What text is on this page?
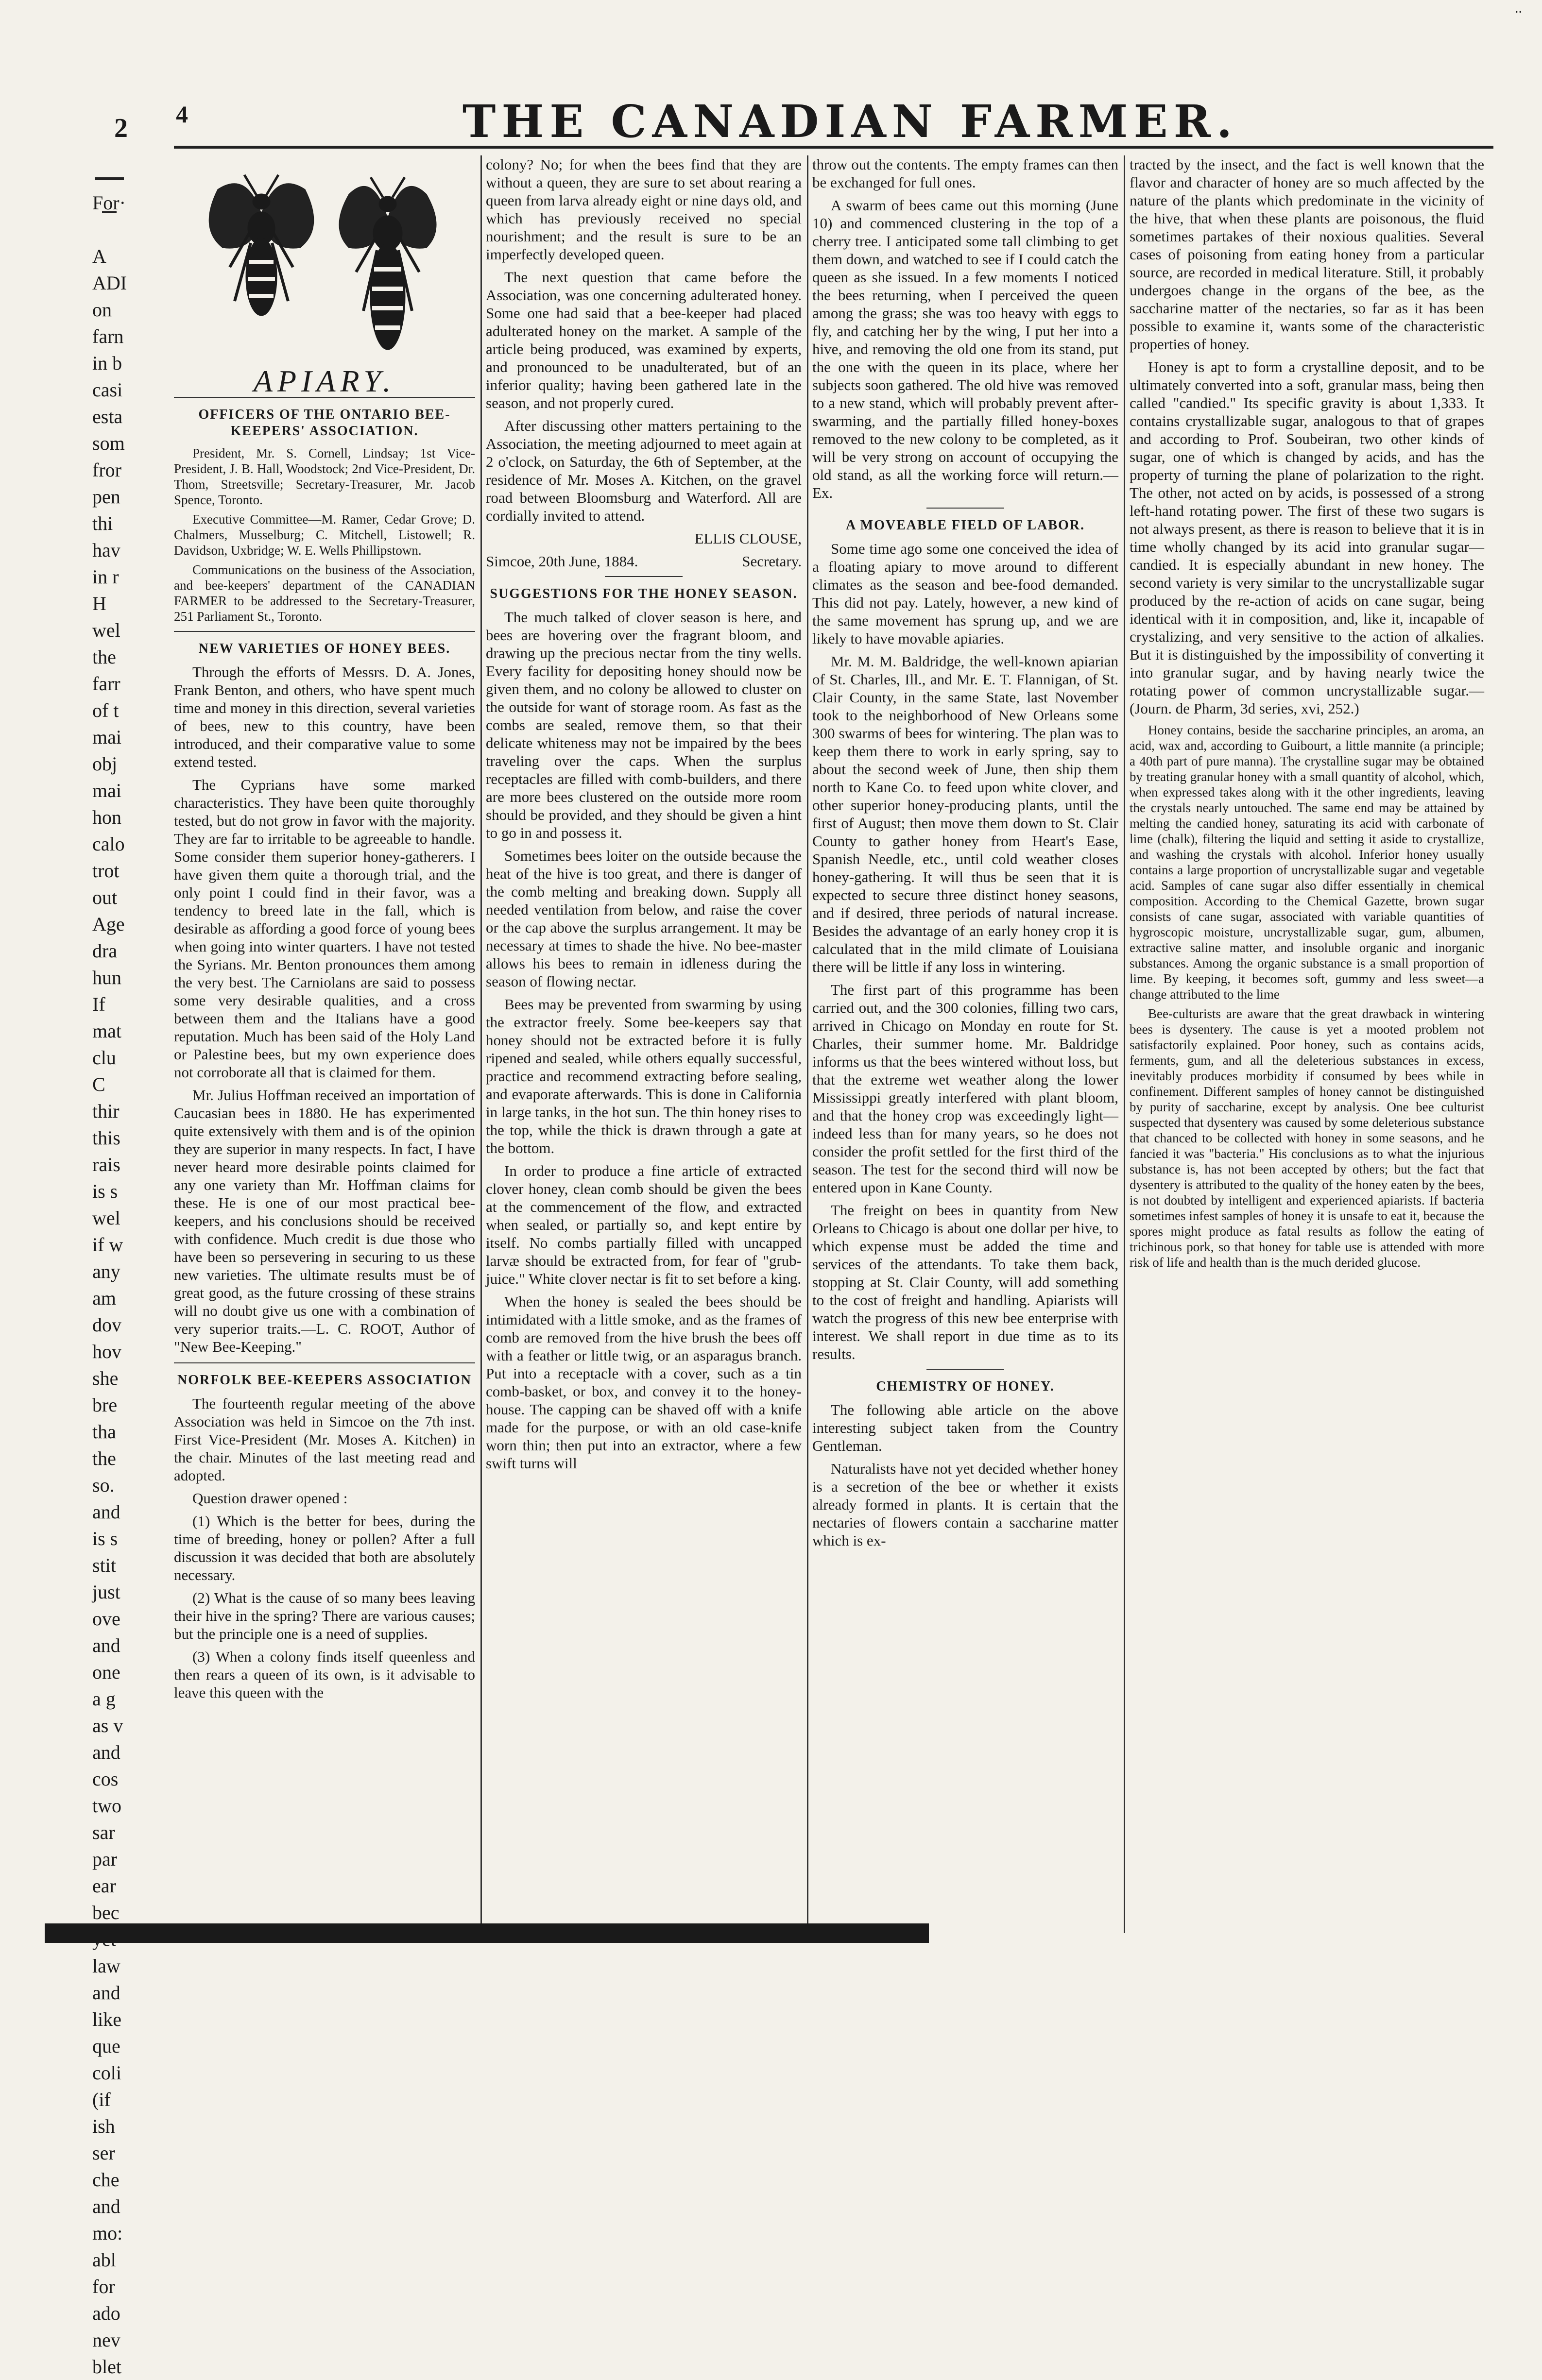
..
2 4	THE CANADIAN FARMER.
For·
A
ADI
on
farn
in b
casi
esta
som
fror
pen
thi
hav
in r
H
wel
the
farr
of t
mai
obj
mai
hon
calo
trot
out
Age
dra
hun
If
mat
clu
C
thir
this
rais
is s
wel
if w
any
am
dov
hov
she
bre
tha
the
so.
and
is s
stit
just
ove
and
one
a g
as v
and
cos
two
sar
par
ear
bec
law
and
like
que
coli
(if
ish
ser
che
and
mo:
abl
for
ado
nev
blet
APIARY.
OFFICERS OF THE ONTARIO BEE-KEEPERS' ASSOCIATION.

President, Mr. S. Cornell, Lindsay; 1st Vice-President, J. B. Hall, Woodstock; 2nd Vice-President, Dr. Thom, Streetsville; Secretary-Treasurer, Mr. Jacob Spence, Toronto.

Executive Committee—M. Ramer, Cedar Grove; D. Chalmers, Musselburg; C. Mitchell, Listowell; R. Davidson, Uxbridge; W. E. Wells Phillipstown.

Communications on the business of the Association, and bee-keepers' department of the CANADIAN FARMER to be addressed to the Secretary-Treasurer, 251 Parliament St., Toronto.

NEW VARIETIES OF HONEY BEES.

Through the efforts of Messrs. D. A. Jones, Frank Benton, and others, who have spent much time and money in this direction, several varieties of bees, new to this country, have been introduced, and their comparative value to some extend tested.

The Cyprians have some marked characteristics. They have been quite thoroughly tested, but do not grow in favor with the majority. They are far to irritable to be agreeable to handle. Some consider them superior honey-gatherers. I have given them quite a thorough trial, and the only point I could find in their favor, was a tendency to breed late in the fall, which is desirable as affording a good force of young bees when going into winter quarters. I have not tested the Syrians. Mr. Benton pronounces them among the very best. The Carniolans are said to possess some very desirable qualities, and a cross between them and the Italians have a good reputation. Much has been said of the Holy Land or Palestine bees, but my own experience does not corroborate all that is claimed for them.

Mr. Julius Hoffman received an importation of Caucasian bees in 1880. He has experimented quite extensively with them and is of the opinion they are superior in many respects. In fact, I have never heard more desirable points claimed for any one variety than Mr. Hoffman claims for these. He is one of our most practical bee-keepers, and his conclusions should be received with confidence. Much credit is due those who have been so persevering in securing to us these new varieties. The ultimate results must be of great good, as the future crossing of these strains will no doubt give us one with a combination of very superior traits.—L. C. ROOT, Author of "New Bee-Keeping."

NORFOLK BEE-KEEPERS ASSOCIATION

The fourteenth regular meeting of the above Association was held in Simcoe on the 7th inst. First Vice-President (Mr. Moses A. Kitchen) in the chair. Minutes of the last meeting read and adopted.

Question drawer opened :

(1) Which is the better for bees, during the time of breeding, honey or pollen? After a full discussion it was decided that both are absolutely necessary.

(2) What is the cause of so many bees leaving their hive in the spring? There are various causes; but the principle one is a need of supplies.

(3) When a colony finds itself queenless and then rears a queen of its own, is it advisable to leave this queen with the

colony? No; for when the bees find that they are without a queen, they are sure to set about rearing a queen from larva already eight or nine days old, and which has previously received no special nourishment; and the result is sure to be an imperfectly developed queen.

The next question that came before the Association, was one concerning adulterated honey. Some one had said that a bee-keeper had placed adulterated honey on the market. A sample of the article being produced, was examined by experts, and pronounced to be unadulterated, but of an inferior quality; having been gathered late in the season, and not properly cured.

After discussing other matters pertaining to the Association, the meeting adjourned to meet again at 2 o'clock, on Saturday, the 6th of September, at the residence of Mr. Moses A. Kitchen, on the gravel road between Bloomsburg and Waterford. All are cordially invited to attend.

ELLIS CLOUSE,

Simcoe, 20th June, 1884.	Secretary.

SUGGESTIONS FOR THE HONEY SEASON.

The much talked of clover season is here, and bees are hovering over the fragrant bloom, and drawing up the precious nectar from the tiny wells. Every facility for depositing honey should now be given them, and no colony be allowed to cluster on the outside for want of storage room. As fast as the combs are sealed, remove them, so that their delicate whiteness may not be impaired by the bees traveling over the caps. When the surplus receptacles are filled with comb-builders, and there are more bees clustered on the outside more room should be provided, and they should be given a hint to go in and possess it.

Sometimes bees loiter on the outside because the heat of the hive is too great, and there is danger of the comb melting and breaking down. Supply all needed ventilation from below, and raise the cover or the cap above the surplus arrangement. It may be necessary at times to shade the hive. No bee-master allows his bees to remain in idleness during the season of flowing nectar.

Bees may be prevented from swarming by using the extractor freely. Some bee-keepers say that honey should not be extracted before it is fully ripened and sealed, while others equally successful, practice and recommend extracting before sealing, and evaporate afterwards. This is done in California in large tanks, in the hot sun. The thin honey rises to the top, while the thick is drawn through a gate at the bottom.

In order to produce a fine article of extracted clover honey, clean comb should be given the bees at the commencement of the flow, and extracted when sealed, or partially so, and kept entire by itself. No combs partially filled with uncapped larvæ should be extracted from, for fear of "grub-juice." White clover nectar is fit to set before a king.

When the honey is sealed the bees should be intimidated with a little smoke, and as the frames of comb are removed from the hive brush the bees off with a feather or little twig, or an asparagus branch. Put into a receptacle with a cover, such as a tin comb-basket, or box, and convey it to the honey-house. The capping can be shaved off with a knife made for the purpose, or with an old case-knife worn thin; then put into an extractor, where a few swift turns will

throw out the contents. The empty frames can then be exchanged for full ones.

A swarm of bees came out this morning (June 10) and commenced clustering in the top of a cherry tree. I anticipated some tall climbing to get them down, and watched to see if I could catch the queen as she issued. In a few moments I noticed the bees returning, when I perceived the queen among the grass; she was too heavy with eggs to fly, and catching her by the wing, I put her into a hive, and removing the old one from its stand, put the one with the queen in its place, where her subjects soon gathered. The old hive was removed to a new stand, which will probably prevent after-swarming, and the partially filled honey-boxes removed to the new colony to be completed, as it will be very strong on account of occupying the old stand, as all the working force will return.—Ex.

A MOVEABLE FIELD OF LABOR.

Some time ago some one conceived the idea of a floating apiary to move around to different climates as the season and bee-food demanded. This did not pay. Lately, however, a new kind of the same movement has sprung up, and we are likely to have movable apiaries.

Mr. M. M. Baldridge, the well-known apiarian of St. Charles, Ill., and Mr. E. T. Flannigan, of St. Clair County, in the same State, last November took to the neighborhood of New Orleans some 300 swarms of bees for wintering. The plan was to keep them there to work in early spring, say to about the second week of June, then ship them north to Kane Co. to feed upon white clover, and other superior honey-producing plants, until the first of August; then move them down to St. Clair County to gather honey from Heart's Ease, Spanish Needle, etc., until cold weather closes honey-gathering. It will thus be seen that it is expected to secure three distinct honey seasons, and if desired, three periods of natural increase. Besides the advantage of an early honey crop it is calculated that in the mild climate of Louisiana there will be little if any loss in wintering.

The first part of this programme has been carried out, and the 300 colonies, filling two cars, arrived in Chicago on Monday en route for St. Charles, their summer home. Mr. Baldridge informs us that the bees wintered without loss, but that the extreme wet weather along the lower Mississippi greatly interfered with plant bloom, and that the honey crop was exceedingly light—indeed less than for many years, so he does not consider the profit settled for the first third of the season. The test for the second third will now be entered upon in Kane County.

The freight on bees in quantity from New Orleans to Chicago is about one dollar per hive, to which expense must be added the time and services of the attendants. To take them back, stopping at St. Clair County, will add something to the cost of freight and handling. Apiarists will watch the progress of this new bee enterprise with interest. We shall report in due time as to its results.

CHEMISTRY OF HONEY.

The following able article on the above interesting subject taken from the Country Gentleman.

Naturalists have not yet decided whether honey is a secretion of the bee or whether it exists already formed in plants. It is certain that the nectaries of flowers contain a saccharine matter which is ex-

tracted by the insect, and the fact is well known that the flavor and character of honey are so much affected by the nature of the plants which predominate in the vicinity of the hive, that when these plants are poisonous, the fluid sometimes partakes of their noxious qualities. Several cases of poisoning from eating honey from a particular source, are recorded in medical literature. Still, it probably undergoes change in the organs of the bee, as the saccharine matter of the nectaries, so far as it has been possible to examine it, wants some of the characteristic properties of honey.

Honey is apt to form a crystalline deposit, and to be ultimately converted into a soft, granular mass, being then called "candied." Its specific gravity is about 1,333. It contains crystallizable sugar, analogous to that of grapes and according to Prof. Soubeiran, two other kinds of sugar, one of which is changed by acids, and has the property of turning the plane of polarization to the right. The other, not acted on by acids, is possessed of a strong left-hand rotating power. The first of these two sugars is not always present, as there is reason to believe that it is in time wholly changed by its acid into granular sugar—candied. It is especially abundant in new honey. The second variety is very similar to the uncrystallizable sugar produced by the re-action of acids on cane sugar, being identical with it in composition, and, like it, incapable of crystalizing, and very sensitive to the action of alkalies. But it is distinguished by the impossibility of converting it into granular sugar, and by having nearly twice the rotating power of common uncrystallizable sugar.—(Journ. de Pharm, 3d series, xvi, 252.)

Honey contains, beside the saccharine principles, an aroma, an acid, wax and, according to Guibourt, a little mannite (a principle; a 40th part of pure manna). The crystalline sugar may be obtained by treating granular honey with a small quantity of alcohol, which, when expressed takes along with it the other ingredients, leaving the crystals nearly untouched. The same end may be attained by melting the candied honey, saturating its acid with carbonate of lime (chalk), filtering the liquid and setting it aside to crystallize, and washing the crystals with alcohol. Inferior honey usually contains a large proportion of uncrystallizable sugar and vegetable acid. Samples of cane sugar also differ essentially in chemical composition. According to the Chemical Gazette, brown sugar consists of cane sugar, associated with variable quantities of hygroscopic moisture, uncrystallizable sugar, gum, albumen, extractive saline matter, and insoluble organic and inorganic substances. Among the organic substance is a small proportion of lime. By keeping, it becomes soft, gummy and less sweet—a change attributed to the lime

Bee-culturists are aware that the great drawback in wintering bees is dysentery. The cause is yet a mooted problem not satisfactorily explained. Poor honey, such as contains acids, ferments, gum, and all the deleterious substances in excess, inevitably produces morbidity if consumed by bees while in confinement. Different samples of honey cannot be distinguished by purity of saccharine, except by analysis. One bee culturist suspected that dysentery was caused by some deleterious substance that chanced to be collected with honey in some seasons, and he fancied it was "bacteria." His conclusions as to what the injurious substance is, has not been accepted by others; but the fact that dysentery is attributed to the quality of the honey eaten by the bees, is not doubted by intelligent and experienced apiarists. If bacteria sometimes infest samples of honey it is unsafe to eat it, because the spores might produce as fatal results as follow the eating of trichinous pork, so that honey for table use is attended with more risk of life and health than is the much derided glucose.
